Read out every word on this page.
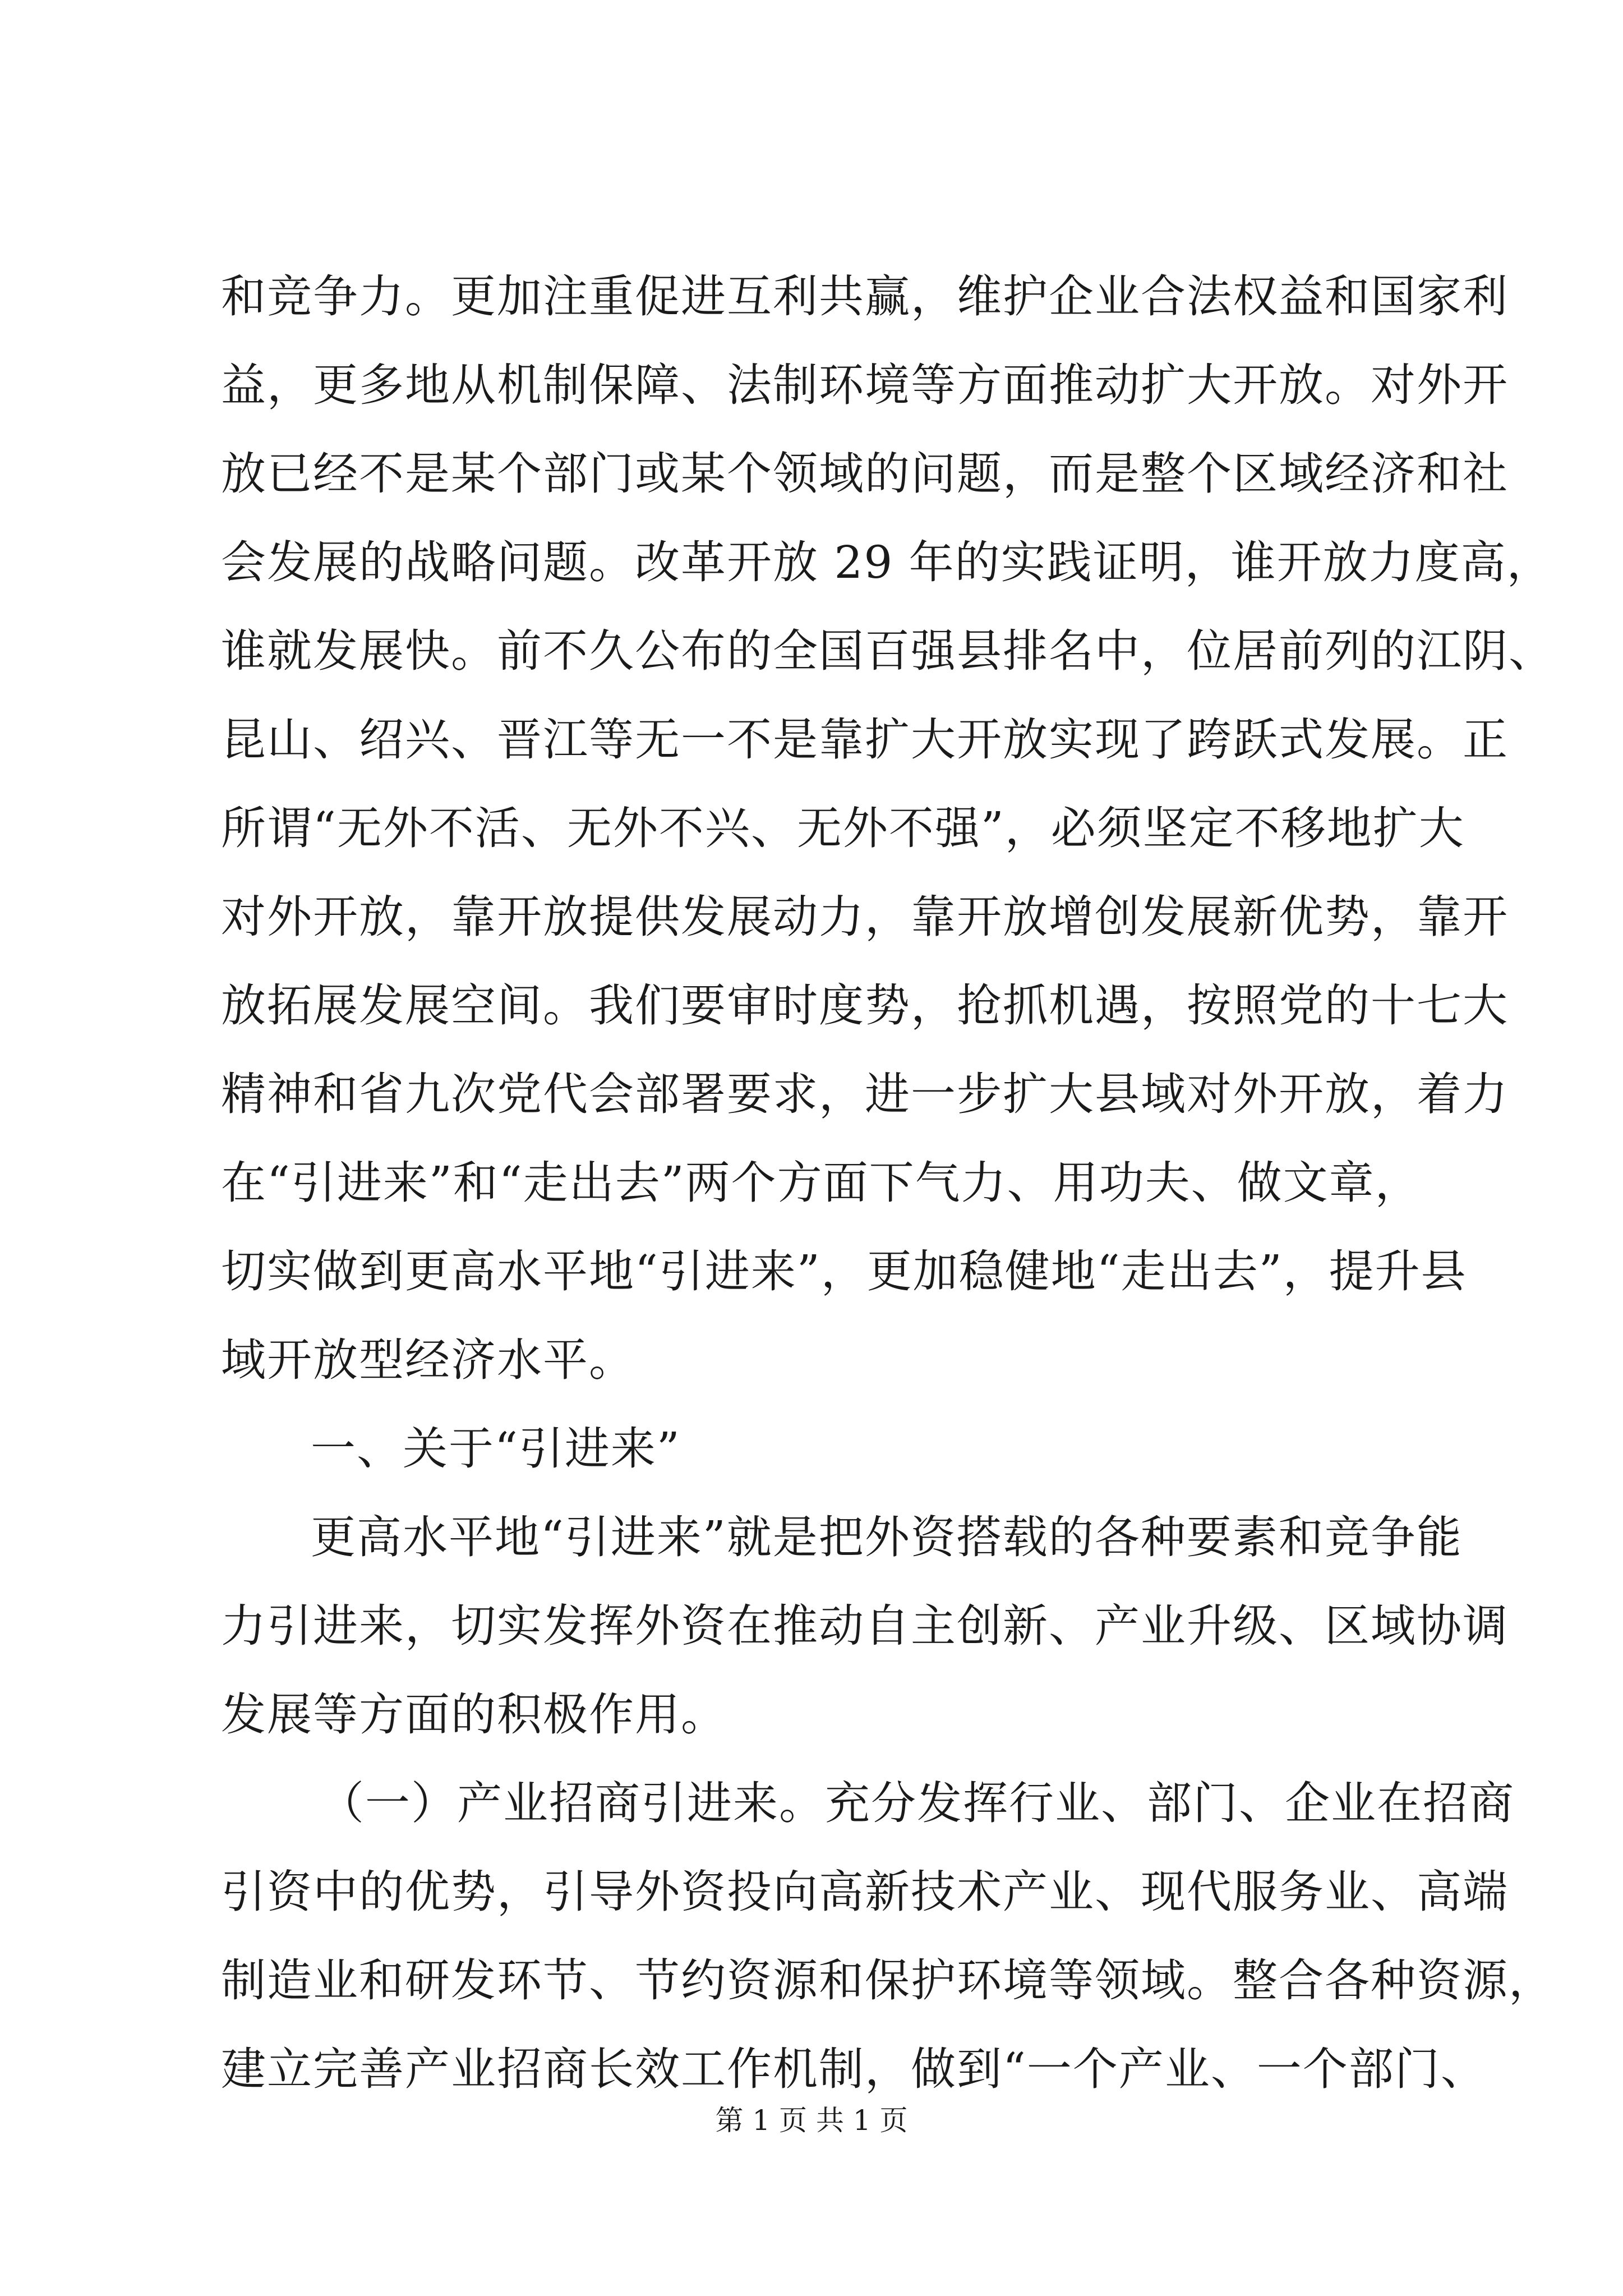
和竞争力。更加注重促进互利共赢，维护企业合法权益和国家利
益，更多地从机制保障、法制环境等方面推动扩大开放。对外开
放已经不是某个部门或某个领域的问题，而是整个区域经济和社
会发展的战略问题。改革开放 29 年的实践证明，谁开放力度高，
谁就发展快。前不久公布的全国百强县排名中，位居前列的江阴、
昆山、绍兴、晋江等无一不是靠扩大开放实现了跨跃式发展。正
所谓“无外不活、无外不兴、无外不强”，必须坚定不移地扩大
对外开放，靠开放提供发展动力，靠开放增创发展新优势，靠开
放拓展发展空间。我们要审时度势，抢抓机遇，按照党的十七大
精神和省九次党代会部署要求，进一步扩大县域对外开放，着力
在“引进来”和“走出去”两个方面下气力、用功夫、做文章，
切实做到更高水平地“引进来”，更加稳健地“走出去”，提升县
域开放型经济水平。
一、关于“引进来”
更高水平地“引进来”就是把外资搭载的各种要素和竞争能
力引进来，切实发挥外资在推动自主创新、产业升级、区域协调
发展等方面的积极作用。
（一）产业招商引进来。充分发挥行业、部门、企业在招商
引资中的优势，引导外资投向高新技术产业、现代服务业、高端
制造业和研发环节、节约资源和保护环境等领域。整合各种资源，
建立完善产业招商长效工作机制，做到“一个产业、一个部门、
第 1 页 共 1 页
